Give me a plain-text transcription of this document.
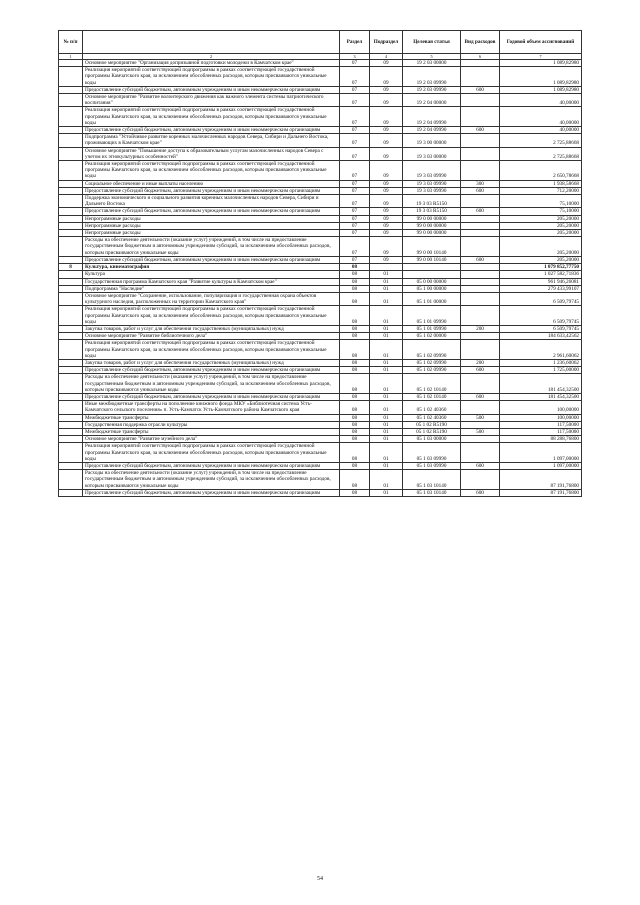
№ п/п		Раздел	Подраздел	Целевая статья	Вид расходов	Годовой объем ассигнований
1	2	3	4	5	6	7
	Основное мероприятие "Организация допризывной подготовки молодежи в Камчатском крае"	07	09	19 2 03 00000		1 089,82980
	Реализация мероприятий соответствующей подпрограммы в рамках соответствующей государственной программы Камчатского края, за исключением обособленных расходов, которым присваиваются уникальные коды	07	09	19 2 03 09990		1 089,82980
	Предоставление субсидий бюджетным, автономным учреждениям и иным некоммерческим организациям	07	09	19 2 03 09990	600	1 089,82980
	Основное мероприятие "Развитие волонтерского движения как важного элемента системы патриотического воспитания"	07	09	19 2 04 00000		40,00000
	Реализация мероприятий соответствующей подпрограммы в рамках соответствующей государственной программы Камчатского края, за исключением обособленных расходов, которым присваиваются уникальные коды	07	09	19 2 04 09990		40,00000
	Предоставление субсидий бюджетным, автономным учреждениям и иным некоммерческим организациям	07	09	19 2 04 09990	600	40,00000
	Подпрограмма "Устойчивое развитие коренных малочисленных народов Севера, Сибири и Дальнего Востока, проживающих в Камчатском крае"	07	09	19 3 00 00000		2 725,88668
	Основное мероприятие "Повышение доступа к образовательным услугам малочисленных народов Севера с учетом их этнокультурных особенностей"	07	09	19 3 03 00000		2 725,88668
	Реализация мероприятий соответствующей подпрограммы в рамках соответствующей государственной программы Камчатского края, за исключением обособленных расходов, которым присваиваются уникальные коды	07	09	19 3 03 09990		2 650,78668
	Социальное обеспечение и иные выплаты населению	07	09	19 3 03 09990	300	1 938,58668
	Предоставление субсидий бюджетным, автономным учреждениям и иным некоммерческим организациям	07	09	19 3 03 09990	600	712,20000
	Поддержка экономического и социального развития коренных малочисленных народов Севера, Сибири и Дальнего Востока	07	09	19 3 03 R5150		75,10000
	Предоставление субсидий бюджетным, автономным учреждениям и иным некоммерческим организациям	07	09	19 3 03 R5150	600	75,10000
	Непрограммные расходы	07	09	99 0 00 00000		205,20000
	Непрограммные расходы	07	09	99 0 00 00000		205,20000
	Непрограммные расходы	07	09	99 0 00 00000		205,20000
	Расходы на обеспечение деятельности (оказание услуг) учреждений, в том числе на предоставление государственным бюджетным и автономным учреждениям субсидий, за исключением обособленных расходов, которым присваиваются уникальные коды	07	09	99 0 00 10140		205,20000
	Предоставление субсидий бюджетным, автономным учреждениям и иным некоммерческим организациям	07	09	99 0 00 10140	600	205,20000
8	Культура, кинематография	08				1 079 852,77750
	Культура	08	01			1 027 582,71836
	Государственная программа Камчатского края "Развитие культуры в Камчатском крае"	08	01	05 0 00 00000		961 946,26081
	Подпрограмма "Наследие"	08	01	05 1 00 00000		279 433,99107
	Основное мероприятие "Сохранение, использование, популяризация и государственная охрана объектов культурного наследия, расположенных на территории Камчатского края"	08	01	05 1 01 00000		6 509,79745
	Реализация мероприятий соответствующей подпрограммы в рамках соответствующей государственной программы Камчатского края, за исключением обособленных расходов, которым присваиваются уникальные коды	08	01	05 1 01 09990		6 509,79745
	Закупка товаров, работ и услуг для обеспечения государственных (муниципальных) нужд	08	01	05 1 01 09990	200	6 509,79745
	Основное мероприятие "Развитие библиотечного дела"	08	01	05 1 02 00000		184 633,42562
	Реализация мероприятий соответствующей подпрограммы в рамках соответствующей государственной программы Камчатского края, за исключением обособленных расходов, которым присваиваются уникальные коды	08	01	05 1 02 09990		2 961,60062
	Закупка товаров, работ и услуг для обеспечения государственных (муниципальных) нужд	08	01	05 1 02 09990	200	1 236,60062
	Предоставление субсидий бюджетным, автономным учреждениям и иным некоммерческим организациям	08	01	05 1 02 09990	600	1 725,00000
	Расходы на обеспечение деятельности (оказание услуг) учреждений, в том числе на предоставление государственным бюджетным и автономным учреждениям субсидий, за исключением обособленных расходов, которым присваиваются уникальные коды	08	01	05 1 02 10140		181 454,32500
	Предоставление субсидий бюджетным, автономным учреждениям и иным некоммерческим организациям	08	01	05 1 02 10140	600	181 454,32500
	Иные межбюджетные трансферты на пополнение книжного фонда МКУ «Библиотечная система Усть-Камчатского сельского поселения» п. Усть-Камчатск Усть-Камчатского района Камчатского края	08	01	05 1 02 40360		100,00000
	Межбюджетные трансферты	08	01	05 1 02 40360	500	100,00000
	Государственная поддержка отрасли культуры	08	01	05 1 02 R5190		117,50000
	Межбюджетные трансферты	08	01	05 1 02 R5190	500	117,50000
	Основное мероприятие "Развитие музейного дела"	08	01	05 1 03 00000		88 288,76800
	Реализация мероприятий соответствующей подпрограммы в рамках соответствующей государственной программы Камчатского края, за исключением обособленных расходов, которым присваиваются уникальные коды	08	01	05 1 03 09990		1 097,00000
	Предоставление субсидий бюджетным, автономным учреждениям и иным некоммерческим организациям	08	01	05 1 03 09990	600	1 097,00000
	Расходы на обеспечение деятельности (оказание услуг) учреждений, в том числе на предоставление государственным бюджетным и автономным учреждениям субсидий, за исключением обособленных расходов, которым присваиваются уникальные коды	08	01	05 1 03 10140		87 191,76800
	Предоставление субсидий бюджетным, автономным учреждениям и иным некоммерческим организациям	08	01	05 1 03 10140	600	87 191,76800
54
